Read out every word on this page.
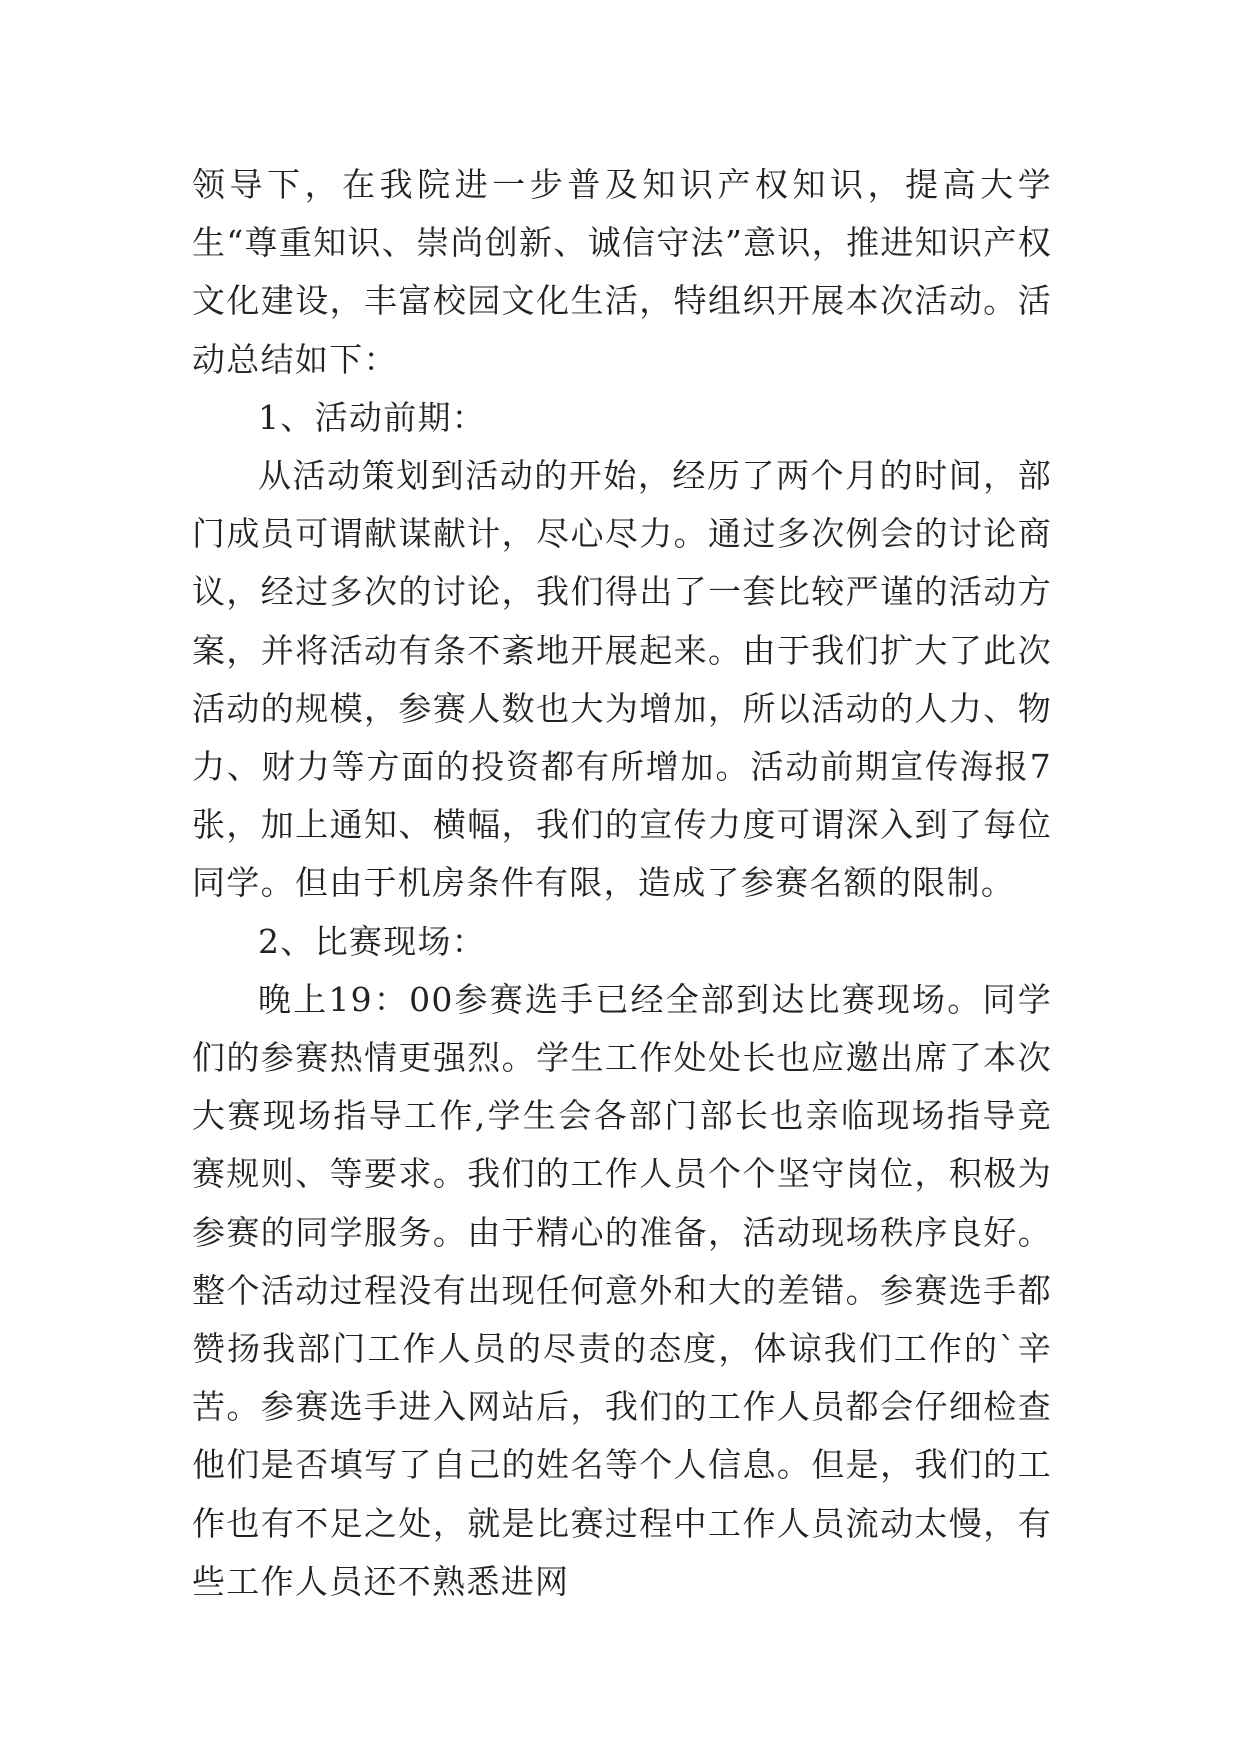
领导下，在我院进一步普及知识产权知识，提高大学生“尊重知识、崇尚创新、诚信守法”意识，推进知识产权文化建设，丰富校园文化生活，特组织开展本次活动。活动总结如下：

1、活动前期：

从活动策划到活动的开始，经历了两个月的时间，部门成员可谓献谋献计，尽心尽力。通过多次例会的讨论商议，经过多次的讨论，我们得出了一套比较严谨的活动方案，并将活动有条不紊地开展起来。由于我们扩大了此次活动的规模，参赛人数也大为增加，所以活动的人力、物力、财力等方面的投资都有所增加。活动前期宣传海报7张，加上通知、横幅，我们的宣传力度可谓深入到了每位同学。但由于机房条件有限，造成了参赛名额的限制。

2、比赛现场：

晚上19：00参赛选手已经全部到达比赛现场。同学们的参赛热情更强烈。学生工作处处长也应邀出席了本次大赛现场指导工作,学生会各部门部长也亲临现场指导竞赛规则、等要求。我们的工作人员个个坚守岗位，积极为参赛的同学服务。由于精心的准备，活动现场秩序良好。整个活动过程没有出现任何意外和大的差错。参赛选手都赞扬我部门工作人员的尽责的态度，体谅我们工作的`辛苦。参赛选手进入网站后，我们的工作人员都会仔细检查他们是否填写了自己的姓名等个人信息。但是，我们的工作也有不足之处，就是比赛过程中工作人员流动太慢，有些工作人员还不熟悉进网
